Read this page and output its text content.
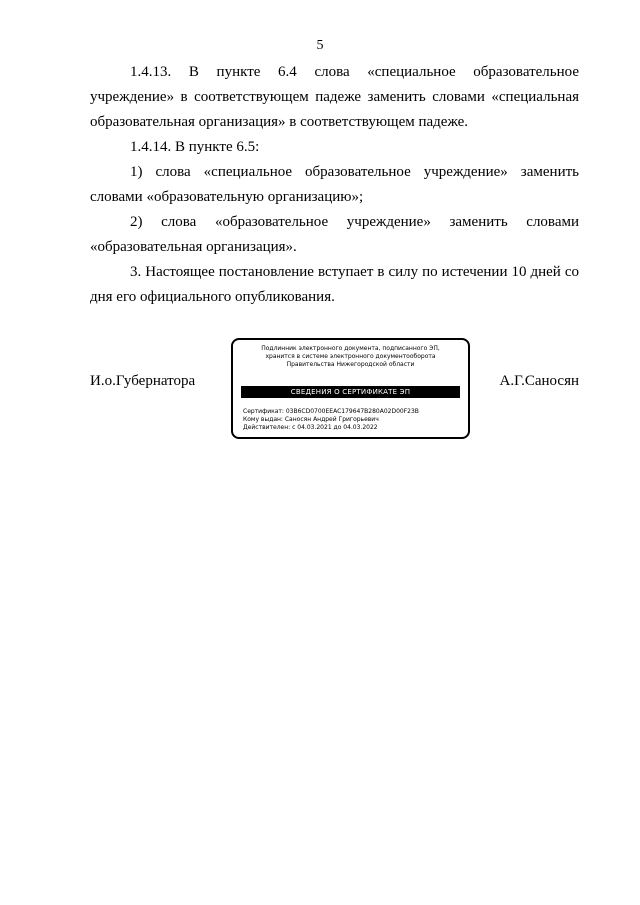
5

1.4.13. В пункте 6.4 слова «специальное образовательное учреждение» в соответствующем падеже заменить словами «специальная образовательная организация» в соответствующем падеже.

1.4.14. В пункте 6.5:

1) слова «специальное образовательное учреждение» заменить словами «образовательную организацию»;

2) слова «образовательное учреждение» заменить словами «образовательная организация».

3. Настоящее постановление вступает в силу по истечении 10 дней со дня его официального опубликования.

И.о.Губернатора
Подлинник электронного документа, подписанного ЭП,
хранится в системе электронного документооборота
Правительства Нижегородской области
СВЕДЕНИЯ О СЕРТИФИКАТЕ ЭП
Сертификат: 03B6CD0700EEAC179647B280A02D00F23B
Кому выдан: Саносян Андрей Григорьевич
Действителен: с 04.03.2021 до 04.03.2022
А.Г.Саносян
